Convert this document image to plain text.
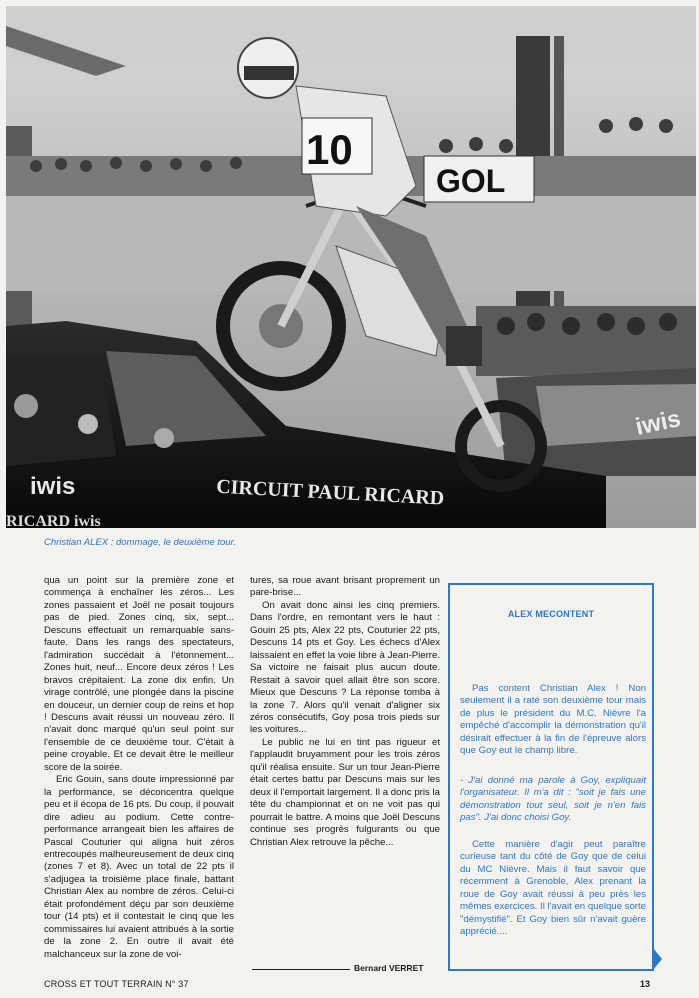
GOL
iwis
CIRCUIT PAUL RICARD
iwis
RICARD iwis
10
Christian ALEX : dommage, le deuxième tour.

qua un point sur la première zone et commença à enchaîner les zéros... Les zones passaient et Joël ne posait toujours pas de pied. Zones cinq, six, sept... Descuns effectuait un remarquable sans-faute. Dans les rangs des spectateurs, l'admiration succédait à l'étonnement... Zones huit, neuf... Encore deux zéros ! Les bravos crépitaient. La zone dix enfin. Un virage contrôlé, une plongée dans la piscine en douceur, un dernier coup de reins et hop ! Descuns avait réussi un nouveau zéro. Il n'avait donc marqué qu'un seul point sur l'ensemble de ce deuxième tour. C'était à peine croyable. Et ce devait être le meilleur score de la soirée.

Eric Gouin, sans doute impressionné par la performance, se déconcentra quelque peu et il écopa de 16 pts. Du coup, il pouvait dire adieu au podium. Cette contre-performance arrangeait bien les affaires de Pascal Couturier qui aligna huit zéros entrecoupés malheureusement de deux cinq (zones 7 et 8). Avec un total de 22 pts il s'adjugea la troisième place finale, battant Christian Alex au nombre de zéros. Celui-ci était profondément déçu par son deuxième tour (14 pts) et il contestait le cinq que les commissaires lui avaient attribués à la sortie de la zone 2. En outre il avait été malchanceux sur la zone de voi-

tures, sa roue avant brisant proprement un pare-brise...

On avait donc ainsi les cinq premiers. Dans l'ordre, en remontant vers le haut : Gouin 25 pts, Alex 22 pts, Couturier 22 pts, Descuns 14 pts et Goy. Les échecs d'Alex laissaient en effet la voie libre à Jean-Pierre. Sa victoire ne faisait plus aucun doute. Restait à savoir quel allait être son score. Mieux que Descuns ? La réponse tomba à la zone 7. Alors qu'il venait d'aligner six zéros consécutifs, Goy posa trois pieds sur les voitures...

Le public ne lui en tint pas rigueur et l'applaudit bruyamment pour les trois zéros qu'il réalisa ensuite. Sur un tour Jean-Pierre était certes battu par Descuns mais sur les deux il l'emportait largement. Il a donc pris la tête du championnat et on ne voit pas qui pourrait le battre. A moins que Joël Descuns continue ses progrès fulgurants ou que Christian Alex retrouve la pêche...

Bernard VERRET
ALEX MECONTENT
Pas content Christian Alex ! Non seulement il a raté son deuxième tour mais de plus le président du M.C. Niévre l'a empêché d'accomplir la démonstration qu'il désirait effectuer à la fin de l'épreuve alors que Goy eut le champ libre.
- J'ai donné ma parole à Goy, expliquait l'organisateur. Il m'a dit : "soit je fais une démonstration tout seul, soit je n'en fais pas". J'ai donc choisi Goy.
Cette manière d'agir peut paraître curieuse tant du côté de Goy que de celui du MC Nièvre. Mais il faut savoir que récemment à Grenoble, Alex prenant la roue de Goy avait réussi à peu près les mêmes exercices. Il l'avait en quelque sorte "démystifié". Et Goy bien sûr n'avait guère apprécié....
CROSS ET TOUT TERRAIN N° 37	13
